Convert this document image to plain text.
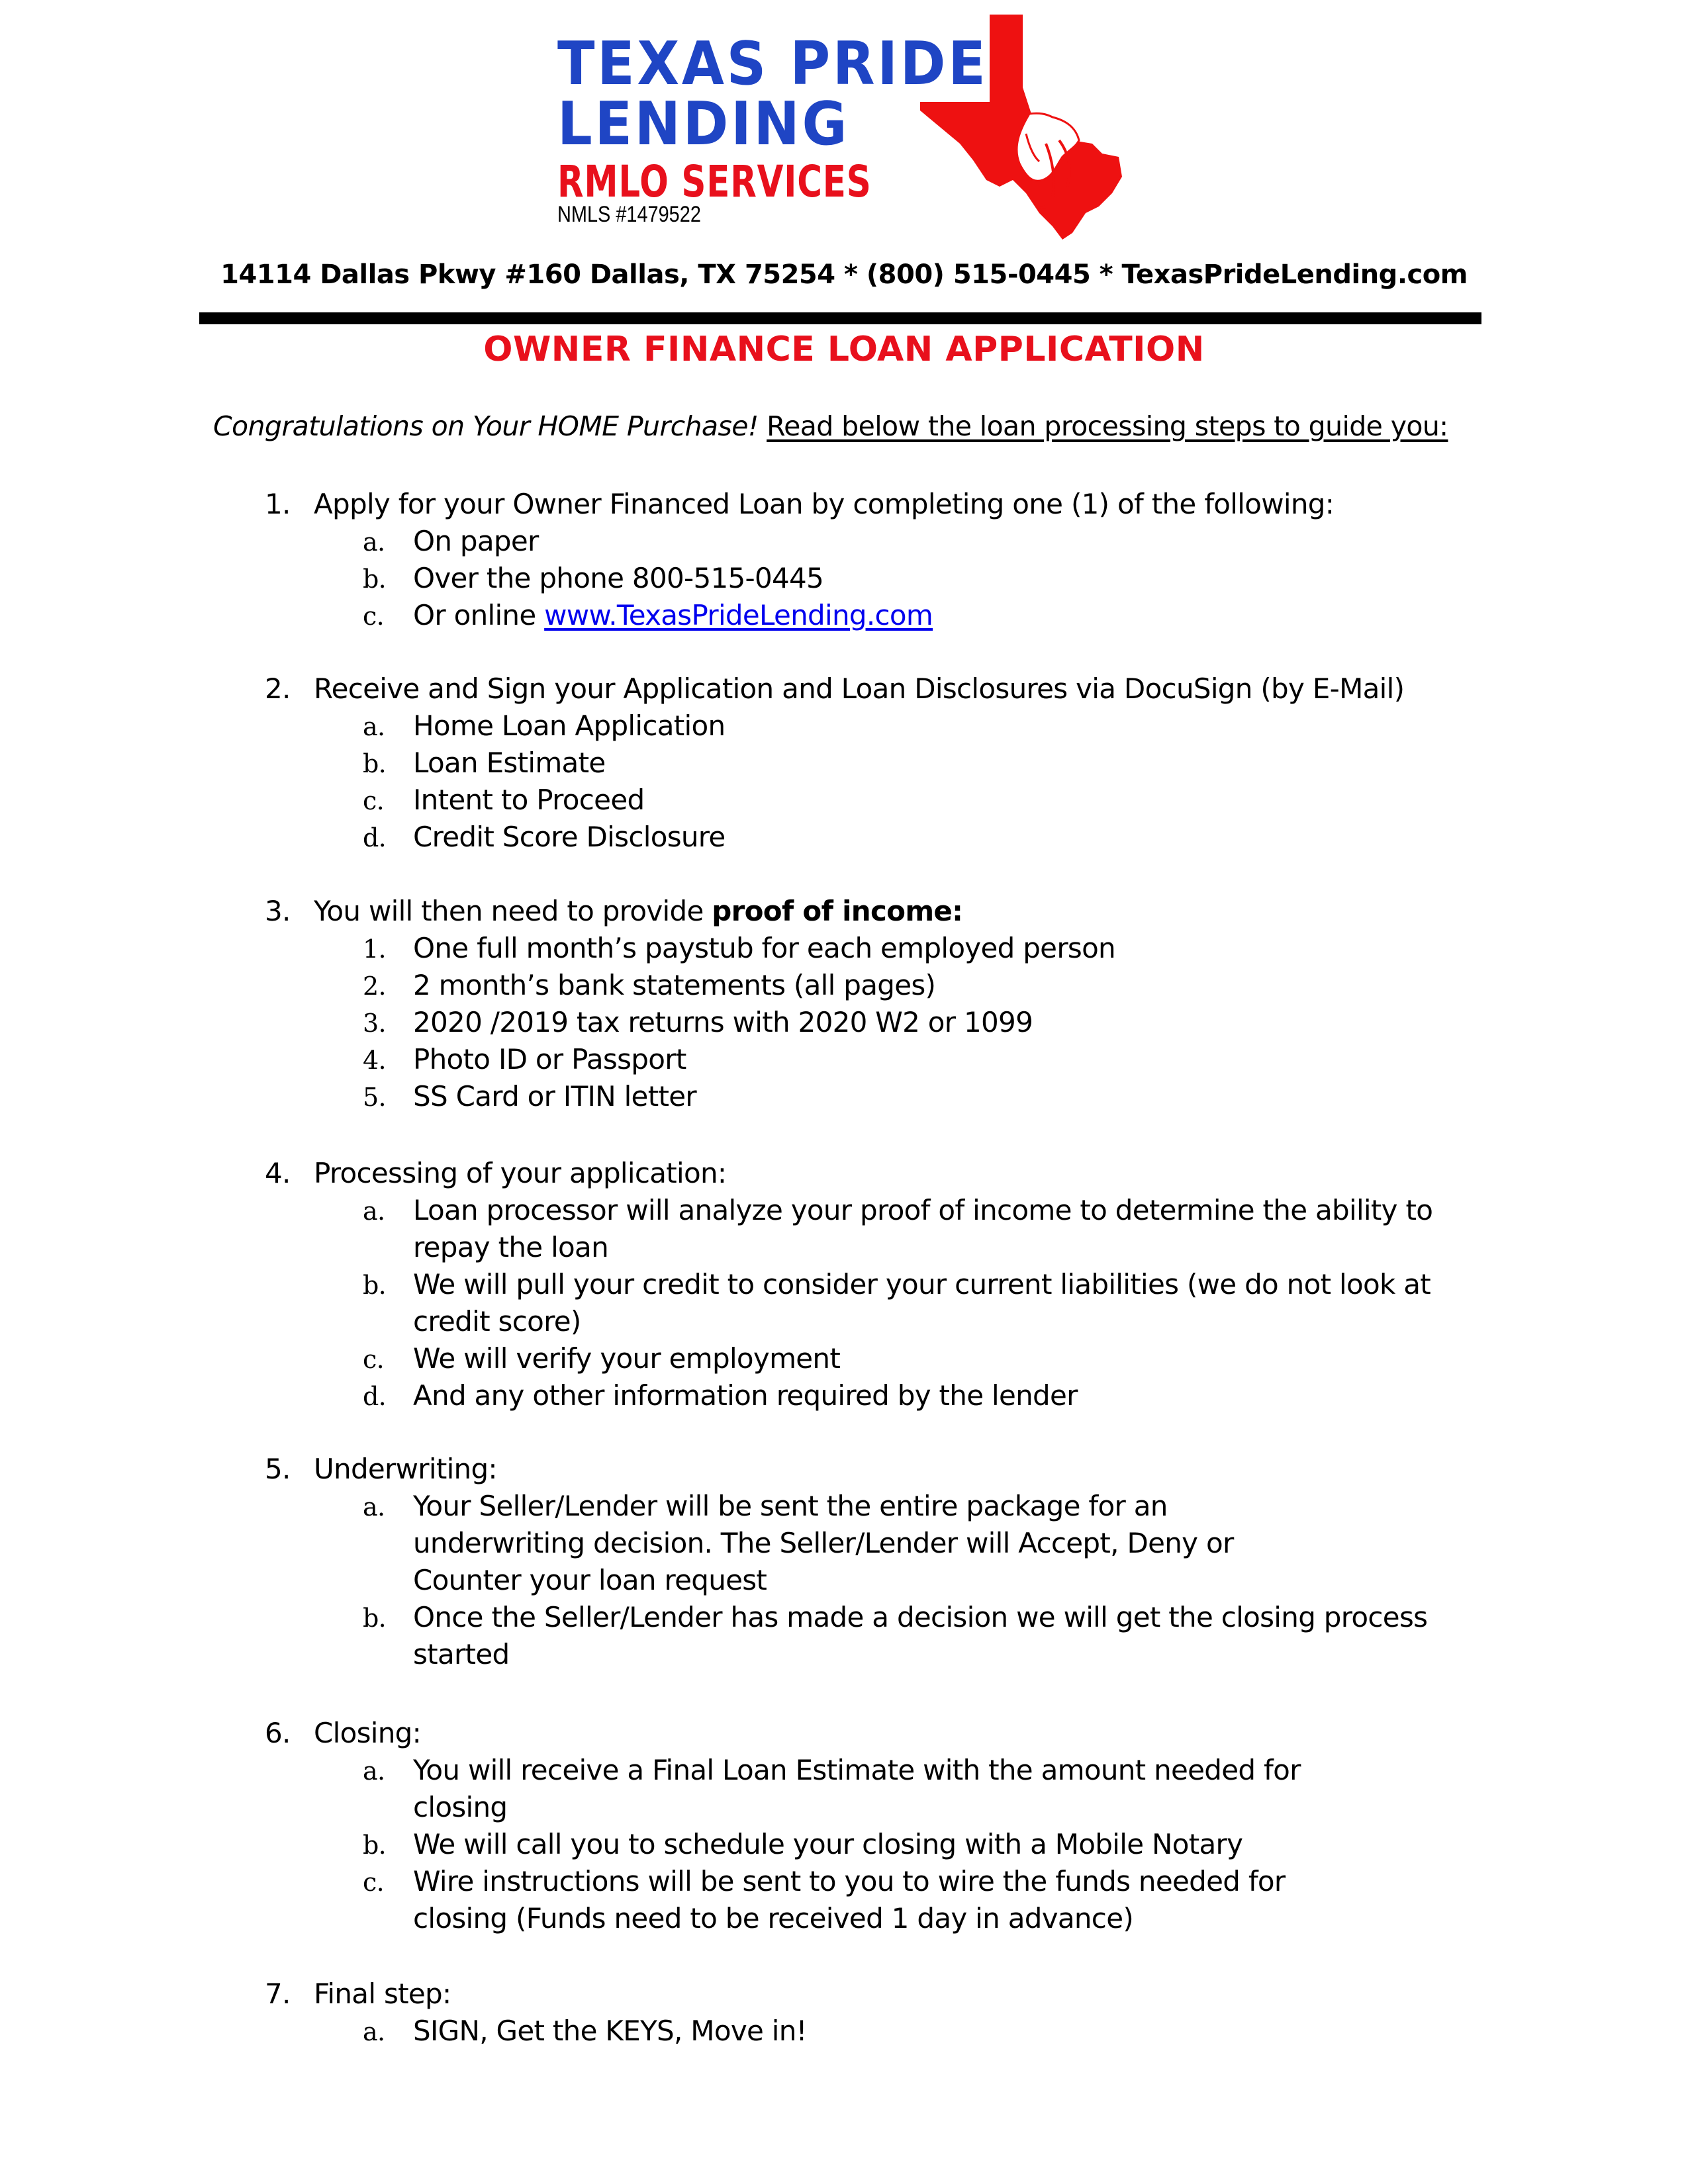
TEXAS PRIDE
LENDING
RMLO SERVICES
NMLS #1479522
14114 Dallas Pkwy #160 Dallas, TX 75254 * (800) 515-0445 * TexasPrideLending.com
OWNER FINANCE LOAN APPLICATION
Congratulations on Your HOME Purchase! Read below the loan processing steps to guide you:
1. Apply for your Owner Financed Loan by completing one (1) of the following:
a. On paper
b. Over the phone 800-515-0445
c. Or online www.TexasPrideLending.com
2. Receive and Sign your Application and Loan Disclosures via DocuSign (by E-Mail)
a. Home Loan Application
b. Loan Estimate
c. Intent to Proceed
d. Credit Score Disclosure
3. You will then need to provide proof of income:
1. One full month’s paystub for each employed person
2. 2 month’s bank statements (all pages)
3. 2020 /2019 tax returns with 2020 W2 or 1099
4. Photo ID or Passport
5. SS Card or ITIN letter
4. Processing of your application:
a. Loan processor will analyze your proof of income to determine the ability to
repay the loan
b. We will pull your credit to consider your current liabilities (we do not look at
credit score)
c. We will verify your employment
d. And any other information required by the lender
5. Underwriting:
a. Your Seller/Lender will be sent the entire package for an
underwriting decision. The Seller/Lender will Accept, Deny or
Counter your loan request
b. Once the Seller/Lender has made a decision we will get the closing process
started
6. Closing:
a. You will receive a Final Loan Estimate with the amount needed for
closing
b. We will call you to schedule your closing with a Mobile Notary
c. Wire instructions will be sent to you to wire the funds needed for
closing (Funds need to be received 1 day in advance)
7. Final step:
a. SIGN, Get the KEYS, Move in!
